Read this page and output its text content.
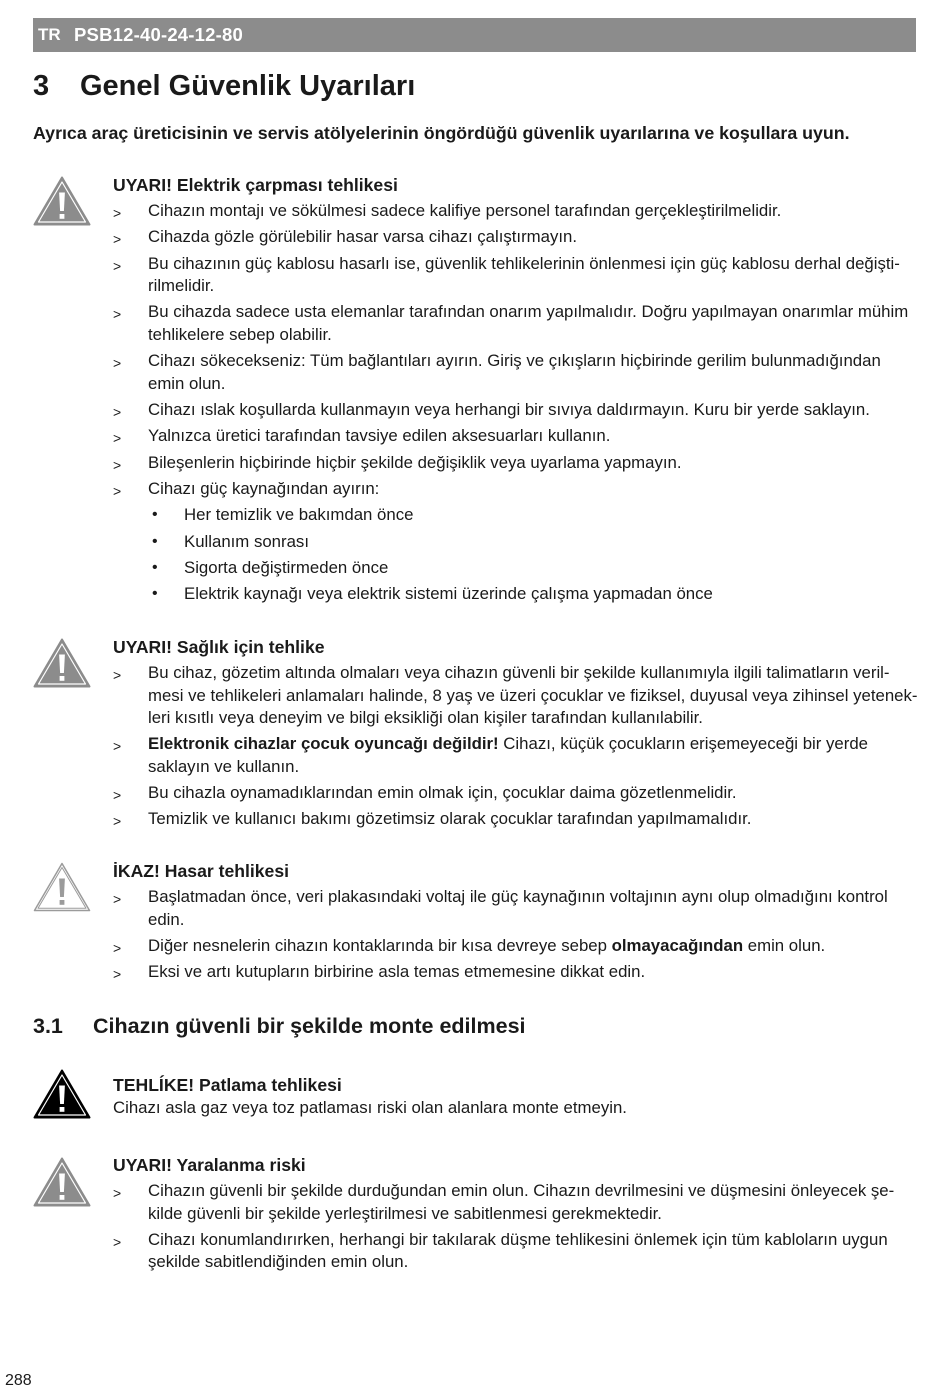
TR PSB12-40-24-12-80
3 Genel Güvenlik Uyarıları

Ayrıca araç üreticisinin ve servis atölyelerinin öngördüğü güvenlik uyarılarına ve koşullara uyun.

UYARI! Elektrik çarpması tehlikesi
> Cihazın montajı ve sökülmesi sadece kalifiye personel tarafından gerçekleştirilmelidir.
> Cihazda gözle görülebilir hasar varsa cihazı çalıştırmayın.
> Bu cihazının güç kablosu hasarlı ise, güvenlik tehlikelerinin önlenmesi için güç kablosu derhal değişti-
rilmelidir.
> Bu cihazda sadece usta elemanlar tarafından onarım yapılmalıdır. Doğru yapılmayan onarımlar mühim
tehlikelere sebep olabilir.
> Cihazı sökecekseniz: Tüm bağlantıları ayırın. Giriş ve çıkışların hiçbirinde gerilim bulunmadığından
emin olun.
> Cihazı ıslak koşullarda kullanmayın veya herhangi bir sıvıya daldırmayın. Kuru bir yerde saklayın.
> Yalnızca üretici tarafından tavsiye edilen aksesuarları kullanın.
> Bileşenlerin hiçbirinde hiçbir şekilde değişiklik veya uyarlama yapmayın.
> Cihazı güç kaynağından ayırın:
• Her temizlik ve bakımdan önce
• Kullanım sonrası
• Sigorta değiştirmeden önce
• Elektrik kaynağı veya elektrik sistemi üzerinde çalışma yapmadan önce
UYARI! Sağlık için tehlike
> Bu cihaz, gözetim altında olmaları veya cihazın güvenli bir şekilde kullanımıyla ilgili talimatların veril-
mesi ve tehlikeleri anlamaları halinde, 8 yaş ve üzeri çocuklar ve fiziksel, duyusal veya zihinsel yetenek-
leri kısıtlı veya deneyim ve bilgi eksikliği olan kişiler tarafından kullanılabilir.
> Elektronik cihazlar çocuk oyuncağı değildir! Cihazı, küçük çocukların erişemeyeceği bir yerde
saklayın ve kullanın.
> Bu cihazla oynamadıklarından emin olmak için, çocuklar daima gözetlenmelidir.
> Temizlik ve kullanıcı bakımı gözetimsiz olarak çocuklar tarafından yapılmamalıdır.
İKAZ! Hasar tehlikesi
> Başlatmadan önce, veri plakasındaki voltaj ile güç kaynağının voltajının aynı olup olmadığını kontrol
edin.
> Diğer nesnelerin cihazın kontaklarında bir kısa devreye sebep olmayacağından emin olun.
> Eksi ve artı kutupların birbirine asla temas etmemesine dikkat edin.
3.1 Cihazın güvenli bir şekilde monte edilmesi
TEHLÍKE! Patlama tehlikesi
Cihazı asla gaz veya toz patlaması riski olan alanlara monte etmeyin.
UYARI! Yaralanma riski
> Cihazın güvenli bir şekilde durduğundan emin olun. Cihazın devrilmesini ve düşmesini önleyecek şe-
kilde güvenli bir şekilde yerleştirilmesi ve sabitlenmesi gerekmektedir.
> Cihazı konumlandırırken, herhangi bir takılarak düşme tehlikesini önlemek için tüm kabloların uygun
şekilde sabitlendiğinden emin olun.
288
